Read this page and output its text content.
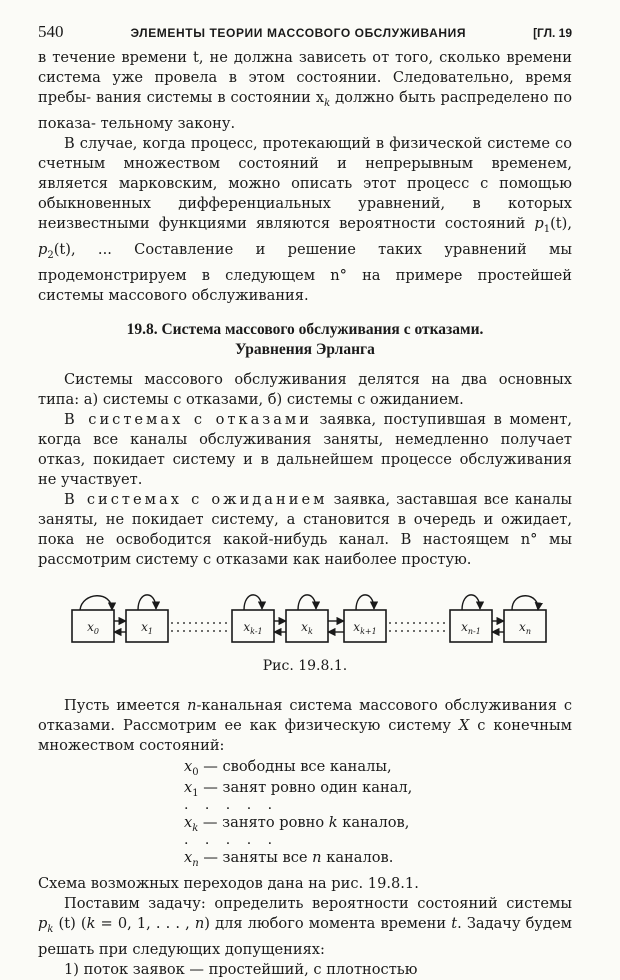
540	ЭЛЕМЕНТЫ ТЕОРИИ МАССОВОГО ОБСЛУЖИВАНИЯ	[ГЛ. 19

в течение времени t, не должна зависеть от того, сколько времени система уже провела в этом состоянии. Следовательно, время пребы- вания системы в состоянии $x_k$ должно быть распределено по показа- тельному закону.

В случае, когда процесс, протекающий в физической системе со счетным множеством состояний и непрерывным временем, является марковским, можно описать этот процесс с помощью обыкновенных дифференциальных уравнений, в которых неизвестными функциями являются вероятности состояний $p_1(t)$, $p_2(t)$, ... Составление и решение таких уравнений мы продемонстрируем в следующем n° на примере простейшей системы массового обслуживания.

19.8. Система массового обслуживания с отказами.
Уравнения Эрланга

Системы массового обслуживания делятся на два основных типа: а) системы с отказами, б) системы с ожиданием.

В системах с отказами заявка, поступившая в момент, когда все каналы обслуживания заняты, немедленно получает отказ, покидает систему и в дальнейшем процессе обслуживания не участвует.

В системах с ожиданием заявка, заставшая все каналы заняты, не покидает систему, а становится в очередь и ожидает, пока не освободится какой-нибудь канал. В настоящем n° мы рассмотрим систему с отказами как наиболее простую.

$x_0$	$x_1$	$x_{k-1}$	$x_k$	$x_{k+1}$	$x_{n-1}$	$x_n$
Рис. 19.8.1.

Пусть имеется n-канальная система массового обслуживания с отказами. Рассмотрим ее как физическую систему X с конечным множеством состояний:

$x_0$ — свободны все каналы,
$x_1$ — занят ровно один канал,
. . . . .
$x_k$ — занято ровно k каналов,
. . . . .
$x_n$ — заняты все n каналов.

Схема возможных переходов дана на рис. 19.8.1.

Поставим задачу: определить вероятности состояний системы $p_k$ (t) (k = 0, 1, . . . , n) для любого момента времени t. Задачу будем решать при следующих допущениях:

1) поток заявок — простейший, с плотностью
